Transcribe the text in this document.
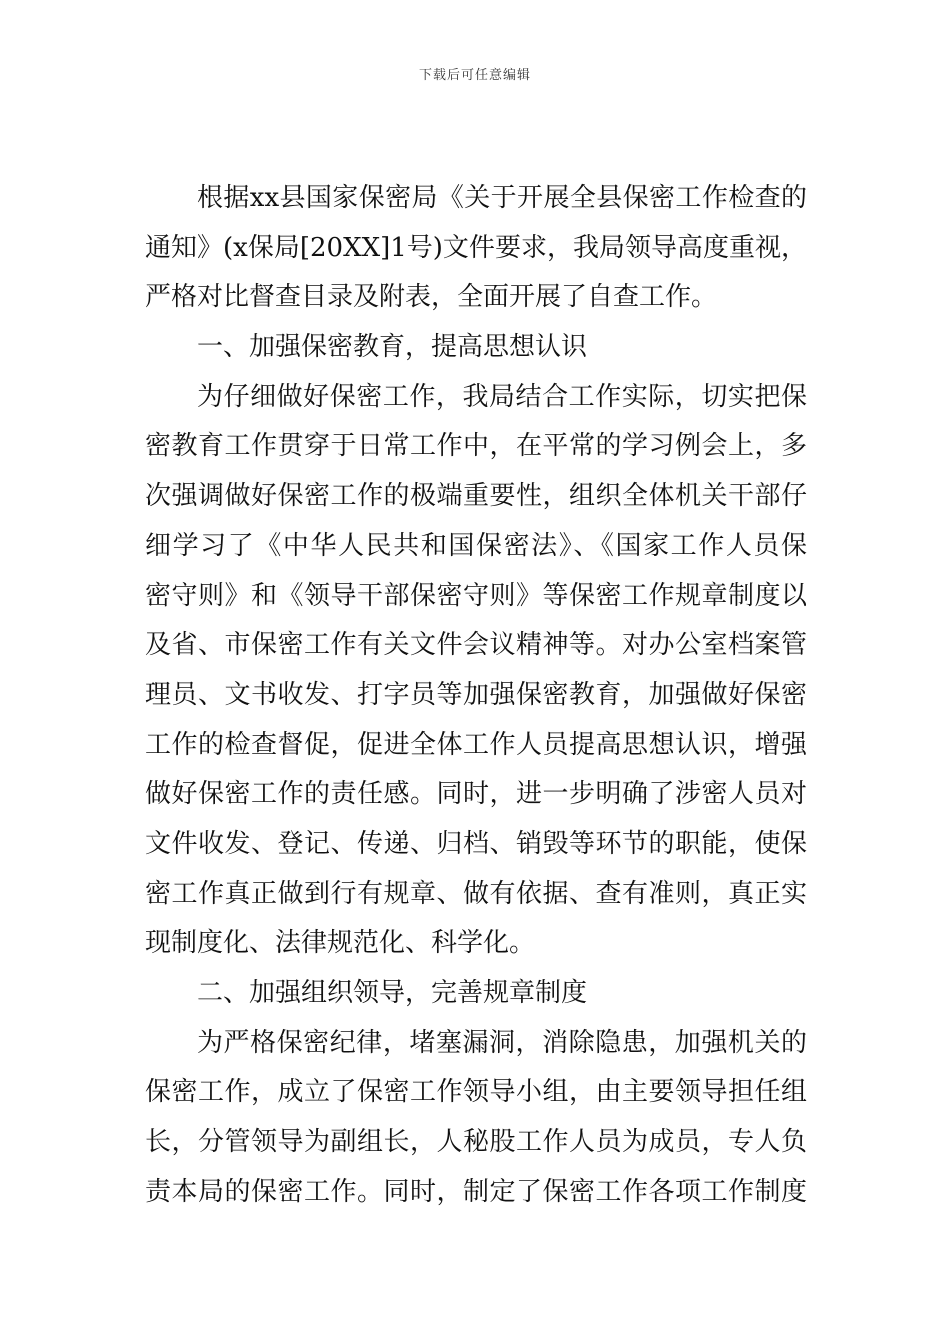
下载后可任意编辑
根据xx县国家保密局《关于开展全县保密工作检查的
通知》(x保局[20XX]1号)文件要求，我局领导高度重视，
严格对比督查目录及附表，全面开展了自查工作。
一、加强保密教育，提高思想认识
为仔细做好保密工作，我局结合工作实际，切实把保
密教育工作贯穿于日常工作中，在平常的学习例会上，多
次强调做好保密工作的极端重要性，组织全体机关干部仔
细学习了《中华人民共和国保密法》、《国家工作人员保
密守则》和《领导干部保密守则》等保密工作规章制度以
及省、市保密工作有关文件会议精神等。对办公室档案管
理员、文书收发、打字员等加强保密教育，加强做好保密
工作的检查督促，促进全体工作人员提高思想认识，增强
做好保密工作的责任感。同时，进一步明确了涉密人员对
文件收发、登记、传递、归档、销毁等环节的职能，使保
密工作真正做到行有规章、做有依据、查有准则，真正实
现制度化、法律规范化、科学化。
二、加强组织领导，完善规章制度
为严格保密纪律，堵塞漏洞，消除隐患，加强机关的
保密工作，成立了保密工作领导小组，由主要领导担任组
长，分管领导为副组长，人秘股工作人员为成员，专人负
责本局的保密工作。同时，制定了保密工作各项工作制度
